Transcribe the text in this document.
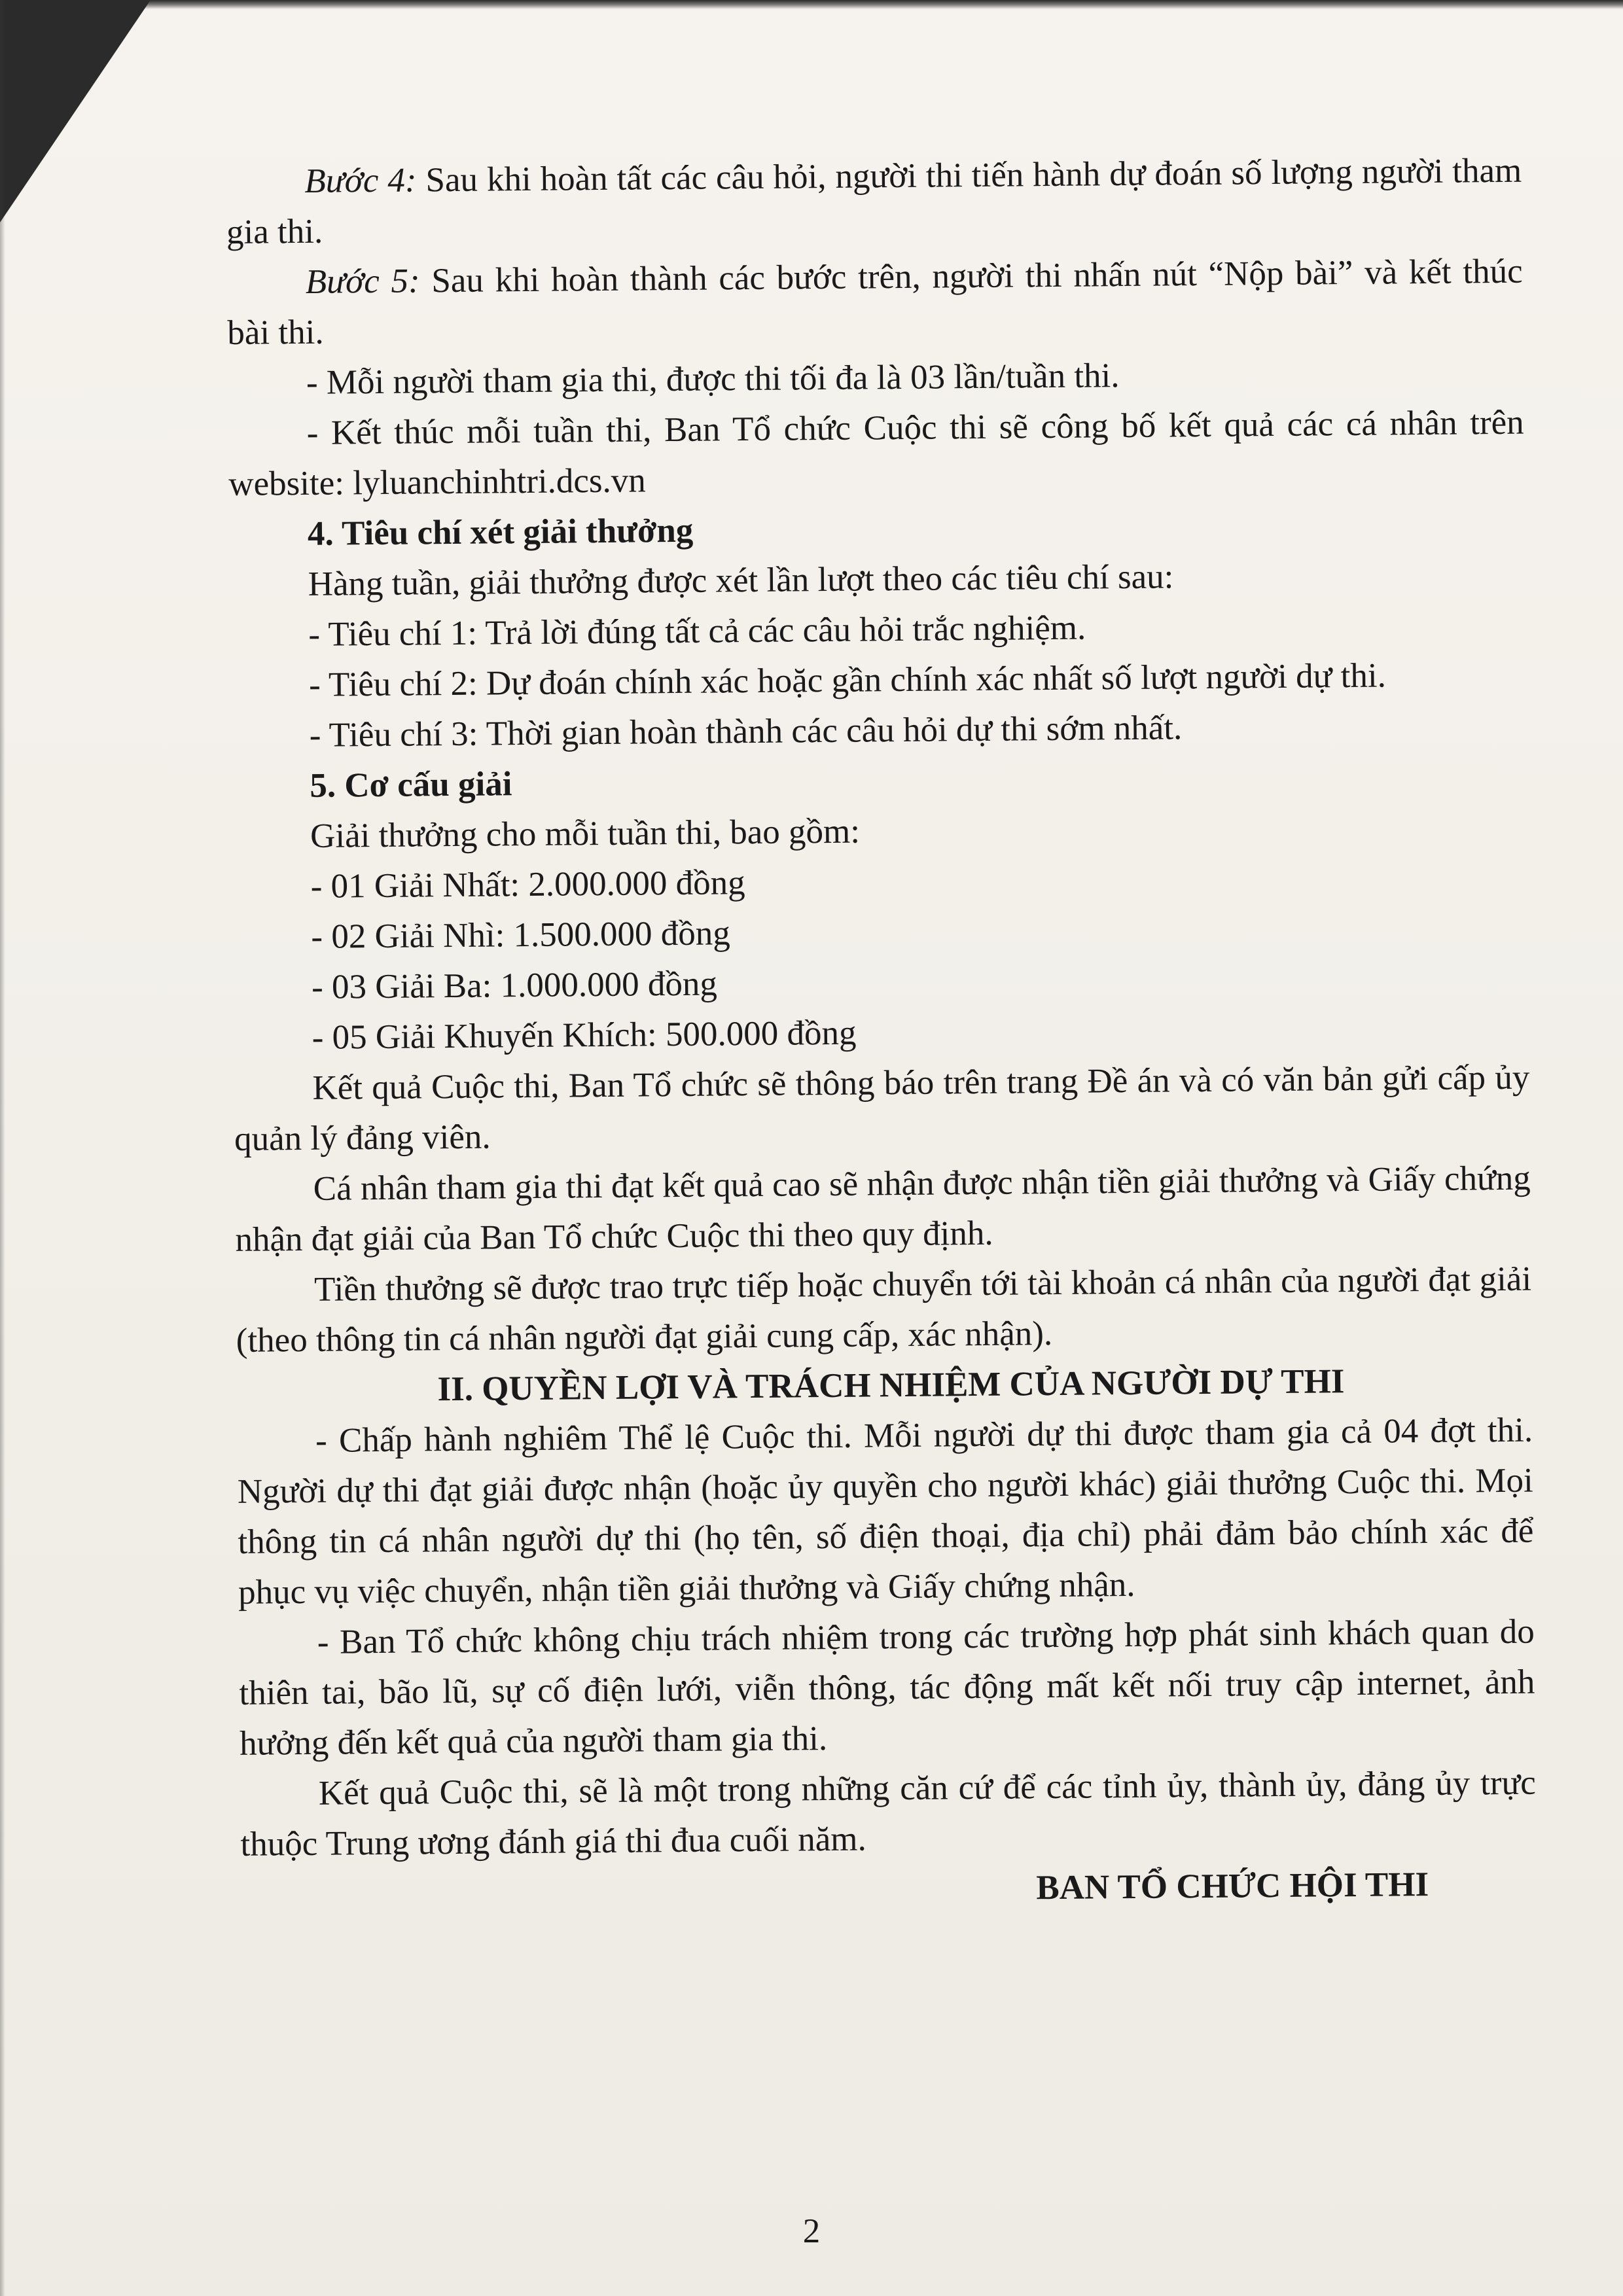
Bước 4: Sau khi hoàn tất các câu hỏi, người thi tiến hành dự đoán số lượng người tham gia thi.

Bước 5: Sau khi hoàn thành các bước trên, người thi nhấn nút “Nộp bài” và kết thúc bài thi.

- Mỗi người tham gia thi, được thi tối đa là 03 lần/tuần thi.

- Kết thúc mỗi tuần thi, Ban Tổ chức Cuộc thi sẽ công bố kết quả các cá nhân trên website: lyluanchinhtri.dcs.vn

4. Tiêu chí xét giải thưởng

Hàng tuần, giải thưởng được xét lần lượt theo các tiêu chí sau:

- Tiêu chí 1: Trả lời đúng tất cả các câu hỏi trắc nghiệm.

- Tiêu chí 2: Dự đoán chính xác hoặc gần chính xác nhất số lượt người dự thi.

- Tiêu chí 3: Thời gian hoàn thành các câu hỏi dự thi sớm nhất.

5. Cơ cấu giải

Giải thưởng cho mỗi tuần thi, bao gồm:

- 01 Giải Nhất: 2.000.000 đồng

- 02 Giải Nhì: 1.500.000 đồng

- 03 Giải Ba: 1.000.000 đồng

- 05 Giải Khuyến Khích: 500.000 đồng

Kết quả Cuộc thi, Ban Tổ chức sẽ thông báo trên trang Đề án và có văn bản gửi cấp ủy quản lý đảng viên.

Cá nhân tham gia thi đạt kết quả cao sẽ nhận được nhận tiền giải thưởng và Giấy chứng nhận đạt giải của Ban Tổ chức Cuộc thi theo quy định.

Tiền thưởng sẽ được trao trực tiếp hoặc chuyển tới tài khoản cá nhân của người đạt giải (theo thông tin cá nhân người đạt giải cung cấp, xác nhận).

II. QUYỀN LỢI VÀ TRÁCH NHIỆM CỦA NGƯỜI DỰ THI

- Chấp hành nghiêm Thể lệ Cuộc thi. Mỗi người dự thi được tham gia cả 04 đợt thi. Người dự thi đạt giải được nhận (hoặc ủy quyền cho người khác) giải thưởng Cuộc thi. Mọi thông tin cá nhân người dự thi (họ tên, số điện thoại, địa chỉ) phải đảm bảo chính xác để phục vụ việc chuyển, nhận tiền giải thưởng và Giấy chứng nhận.

- Ban Tổ chức không chịu trách nhiệm trong các trường hợp phát sinh khách quan do thiên tai, bão lũ, sự cố điện lưới, viễn thông, tác động mất kết nối truy cập internet, ảnh hưởng đến kết quả của người tham gia thi.

Kết quả Cuộc thi, sẽ là một trong những căn cứ để các tỉnh ủy, thành ủy, đảng ủy trực thuộc Trung ương đánh giá thi đua cuối năm.

BAN TỔ CHỨC HỘI THI

2
